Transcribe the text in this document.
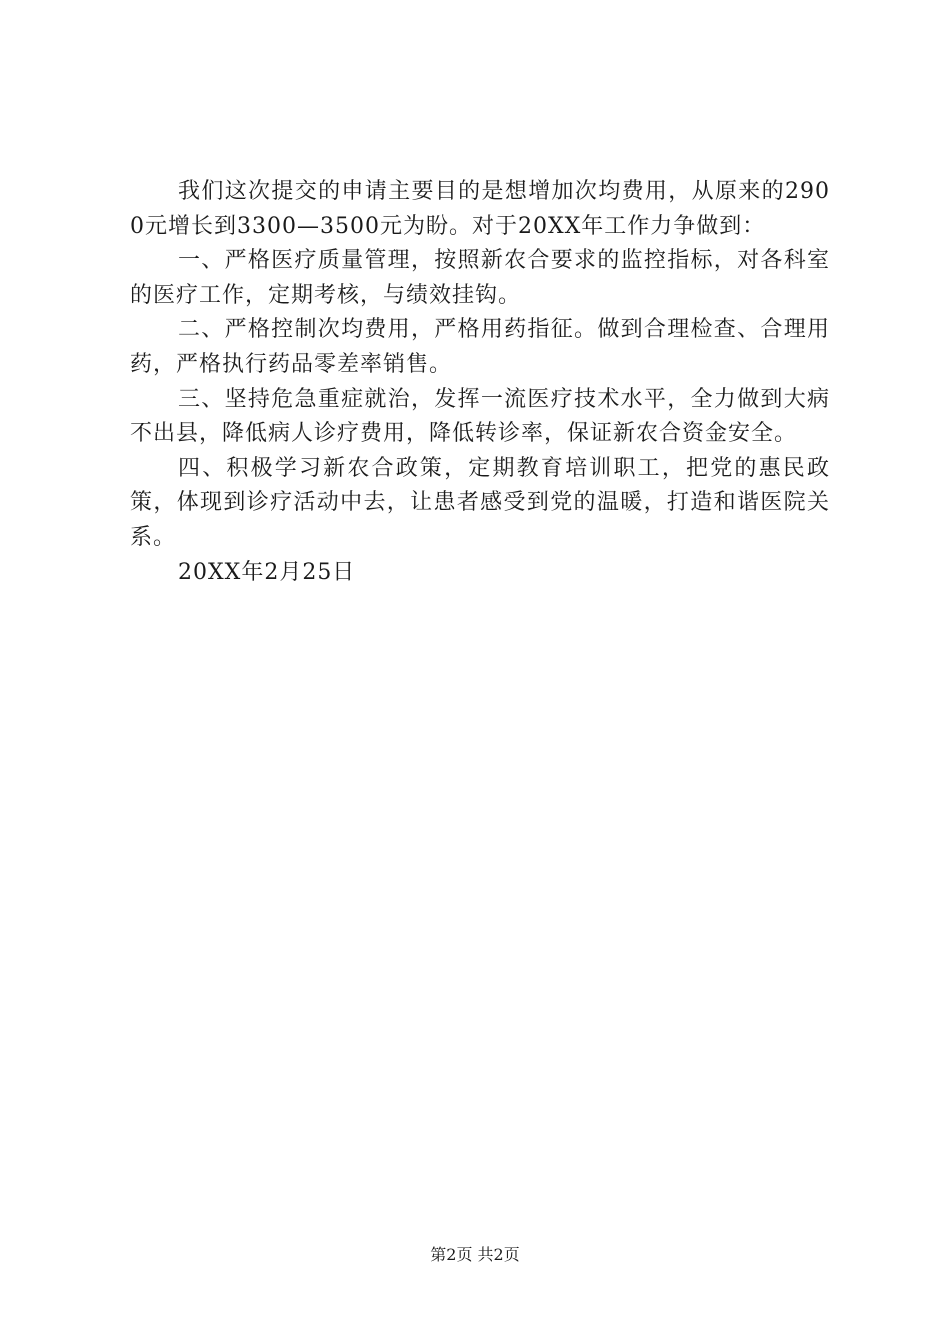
我们这次提交的申请主要目的是想增加次均费用，从原来的2900元增长到3300—3500元为盼。对于20XX年工作力争做到：

一、严格医疗质量管理，按照新农合要求的监控指标，对各科室的医疗工作，定期考核，与绩效挂钩。

二、严格控制次均费用，严格用药指征。做到合理检查、合理用药，严格执行药品零差率销售。

三、坚持危急重症就治，发挥一流医疗技术水平，全力做到大病不出县，降低病人诊疗费用，降低转诊率，保证新农合资金安全。

四、积极学习新农合政策，定期教育培训职工，把党的惠民政策，体现到诊疗活动中去，让患者感受到党的温暖，打造和谐医院关系。

20XX年2月25日

第2页 共2页
